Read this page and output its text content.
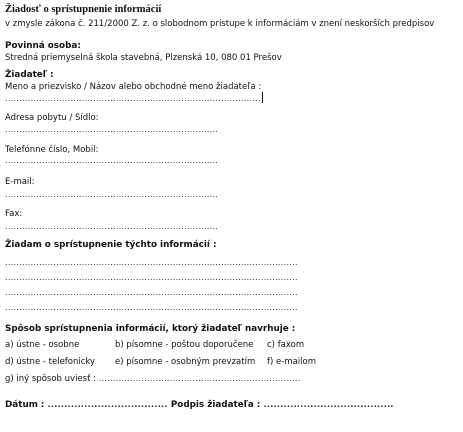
Žiadosť o sprístupnenie informácií
v zmysle zákona č. 211/2000 Z. z. o slobodnom prístupe k informáciám v znení neskorších predpisov
Povinná osoba:
Stredná priemyselná škola stavebná, Plzenská 10, 080 01 Prešov
Žiadateľ :
Meno a priezvisko / Názov alebo obchodné meno žiadateľa :
..........................................................................................
Adresa pobytu / Sídlo:
...........................................................................
Telefónne číslo, Mobil:
...........................................................................
E-mail:
...........................................................................
Fax:
...........................................................................
Žiadam o sprístupnenie týchto informácií :
.......................................................................................................
.......................................................................................................
.......................................................................................................
.......................................................................................................
Spôsob sprístupnenia informácií, ktorý žiadateľ navrhuje :
a) ústne - osobne	b) písomne - poštou doporučene c) faxom
d) ústne - telefonicky e) písomne - osobným prevzatím f) e-mailom
g) iný spôsob uviesť : .......................................................................
Dátum : .................................... Podpis žiadateľa : .......................................
